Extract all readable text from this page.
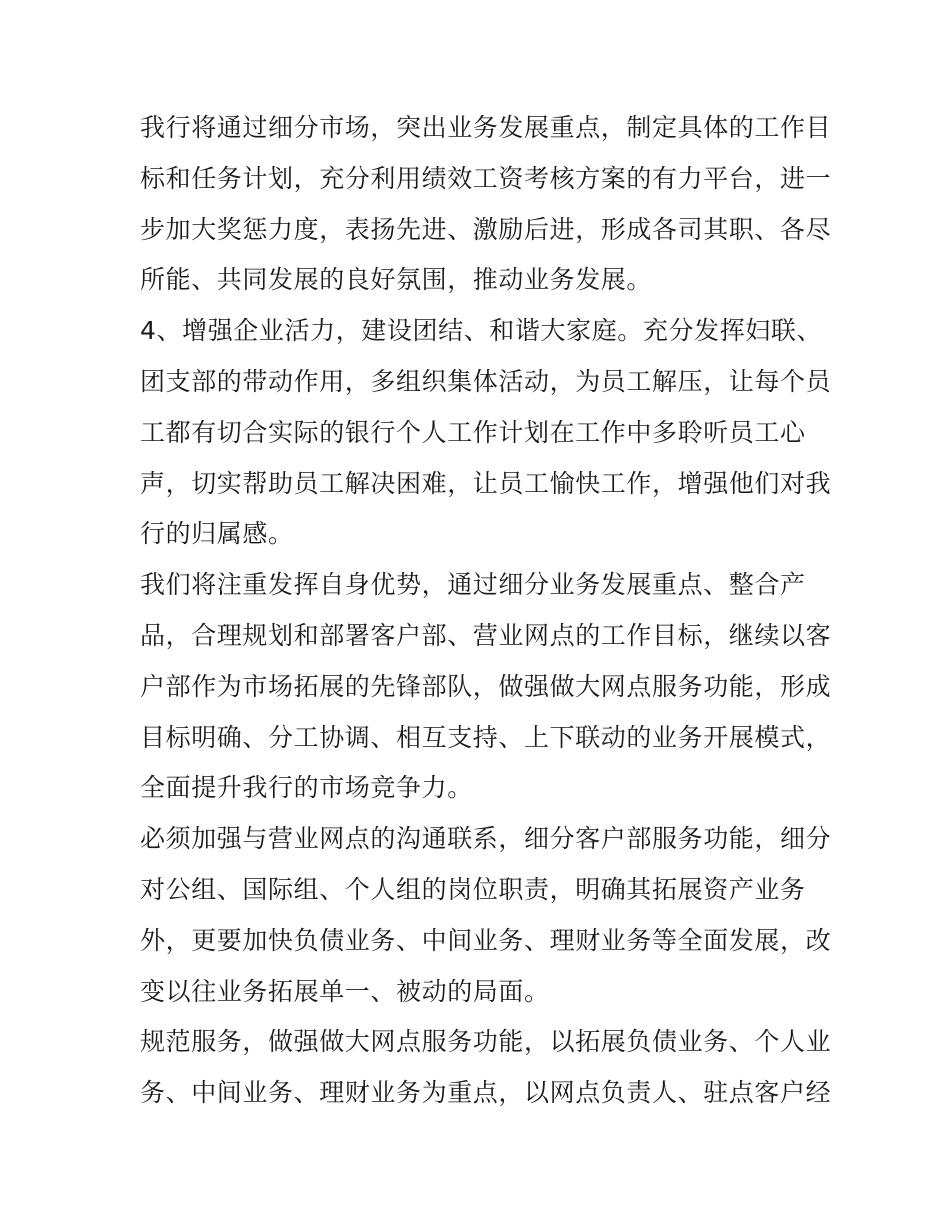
我行将通过细分市场，突出业务发展重点，制定具体的工作目
标和任务计划，充分利用绩效工资考核方案的有力平台，进一
步加大奖惩力度，表扬先进、激励后进，形成各司其职、各尽
所能、共同发展的良好氛围，推动业务发展。
4、增强企业活力，建设团结、和谐大家庭。充分发挥妇联、
团支部的带动作用，多组织集体活动，为员工解压，让每个员
工都有切合实际的银行个人工作计划在工作中多聆听员工心
声，切实帮助员工解决困难，让员工愉快工作，增强他们对我
行的归属感。
我们将注重发挥自身优势，通过细分业务发展重点、整合产
品，合理规划和部署客户部、营业网点的工作目标，继续以客
户部作为市场拓展的先锋部队，做强做大网点服务功能，形成
目标明确、分工协调、相互支持、上下联动的业务开展模式，
全面提升我行的市场竞争力。
必须加强与营业网点的沟通联系，细分客户部服务功能，细分
对公组、国际组、个人组的岗位职责，明确其拓展资产业务
外，更要加快负债业务、中间业务、理财业务等全面发展，改
变以往业务拓展单一、被动的局面。
规范服务，做强做大网点服务功能，以拓展负债业务、个人业
务、中间业务、理财业务为重点，以网点负责人、驻点客户经
